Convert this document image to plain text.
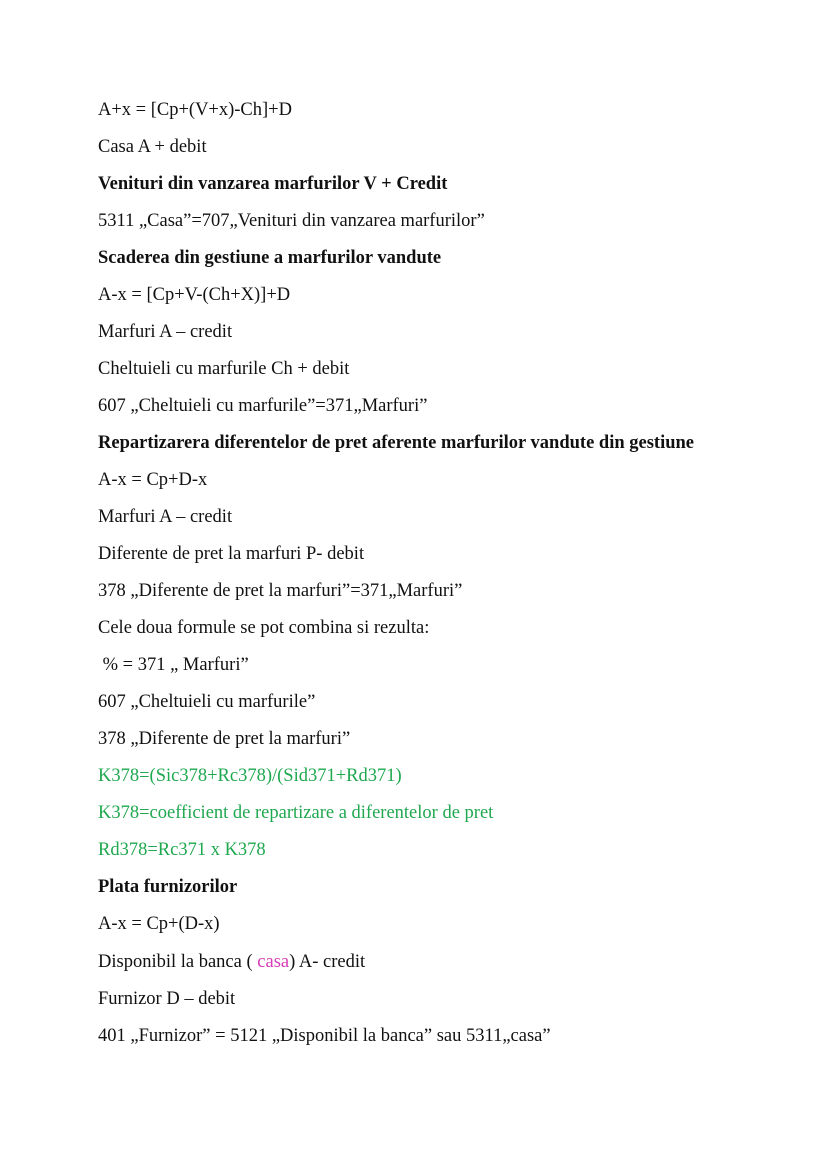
A+x = [Cp+(V+x)-Ch]+D

Casa A + debit

Venituri din vanzarea marfurilor V + Credit

5311 „Casa”=707„Venituri din vanzarea marfurilor”

Scaderea din gestiune a marfurilor vandute

A-x = [Cp+V-(Ch+X)]+D

Marfuri A – credit

Cheltuieli cu marfurile Ch + debit

607 „Cheltuieli cu marfurile”=371„Marfuri”

Repartizarera diferentelor de pret aferente marfurilor vandute din gestiune

A-x = Cp+D-x

Marfuri A – credit

Diferente de pret la marfuri P- debit

378 „Diferente de pret la marfuri”=371„Marfuri”

Cele doua formule se pot combina si rezulta:

% = 371 „ Marfuri”

607 „Cheltuieli cu marfurile”

378 „Diferente de pret la marfuri”

K378=(Sic378+Rc378)/(Sid371+Rd371)

K378=coefficient de repartizare a diferentelor de pret

Rd378=Rc371 x K378

Plata furnizorilor

A-x = Cp+(D-x)

Disponibil la banca ( casa) A- credit

Furnizor D – debit

401 „Furnizor” = 5121 „Disponibil la banca” sau 5311„casa”
